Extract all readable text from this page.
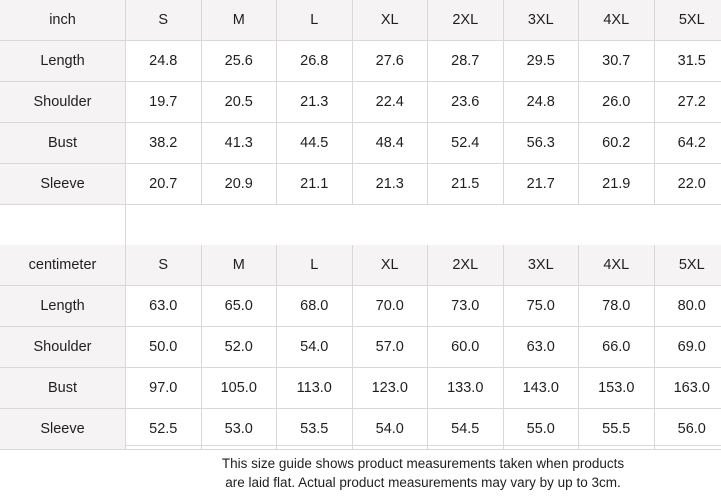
inch	S	M	L	XL	2XL	3XL	4XL	5XL
Length	24.8	25.6	26.8	27.6	28.7	29.5	30.7	31.5
Shoulder	19.7	20.5	21.3	22.4	23.6	24.8	26.0	27.2
Bust	38.2	41.3	44.5	48.4	52.4	56.3	60.2	64.2
Sleeve	20.7	20.9	21.1	21.3	21.5	21.7	21.9	22.0

centimeter	S	M	L	XL	2XL	3XL	4XL	5XL
Length	63.0	65.0	68.0	70.0	73.0	75.0	78.0	80.0
Shoulder	50.0	52.0	54.0	57.0	60.0	63.0	66.0	69.0
Bust	97.0	105.0	113.0	123.0	133.0	143.0	153.0	163.0
Sleeve	52.5	53.0	53.5	54.0	54.5	55.0	55.5	56.0
This size guide shows product measurements taken when products
are laid flat. Actual product measurements may vary by up to 3cm.
